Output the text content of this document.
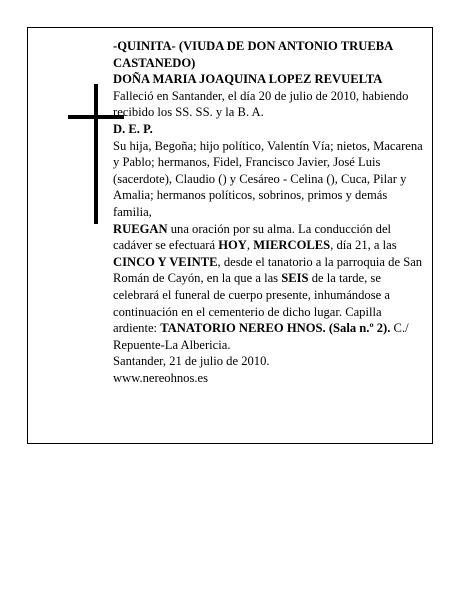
-QUINITA- (VIUDA DE DON ANTONIO TRUEBA CASTANEDO)

DOÑA MARIA JOAQUINA LOPEZ REVUELTA

Falleció en Santander, el día 20 de julio de 2010, habiendo recibido los SS. SS. y la B. A.

D. E. P.

Su hija, Begoña; hijo político, Valentín Vía; nietos, Macarena y Pablo; hermanos, Fidel, Francisco Javier, José Luis (sacerdote), Claudio () y Cesáreo - Celina (), Cuca, Pilar y Amalia; hermanos políticos, sobrinos, primos y demás familia,

RUEGAN una oración por su alma. La conducción del cadáver se efectuará HOY, MIERCOLES, día 21, a las CINCO Y VEINTE, desde el tanatorio a la parroquia de San Román de Cayón, en la que a las SEIS de la tarde, se celebrará el funeral de cuerpo presente, inhumándose a continuación en el cementerio de dicho lugar. Capilla ardiente: TANATORIO NEREO HNOS. (Sala n.º 2). C./ Repuente-La Albericia.

Santander, 21 de julio de 2010.

www.nereohnos.es
